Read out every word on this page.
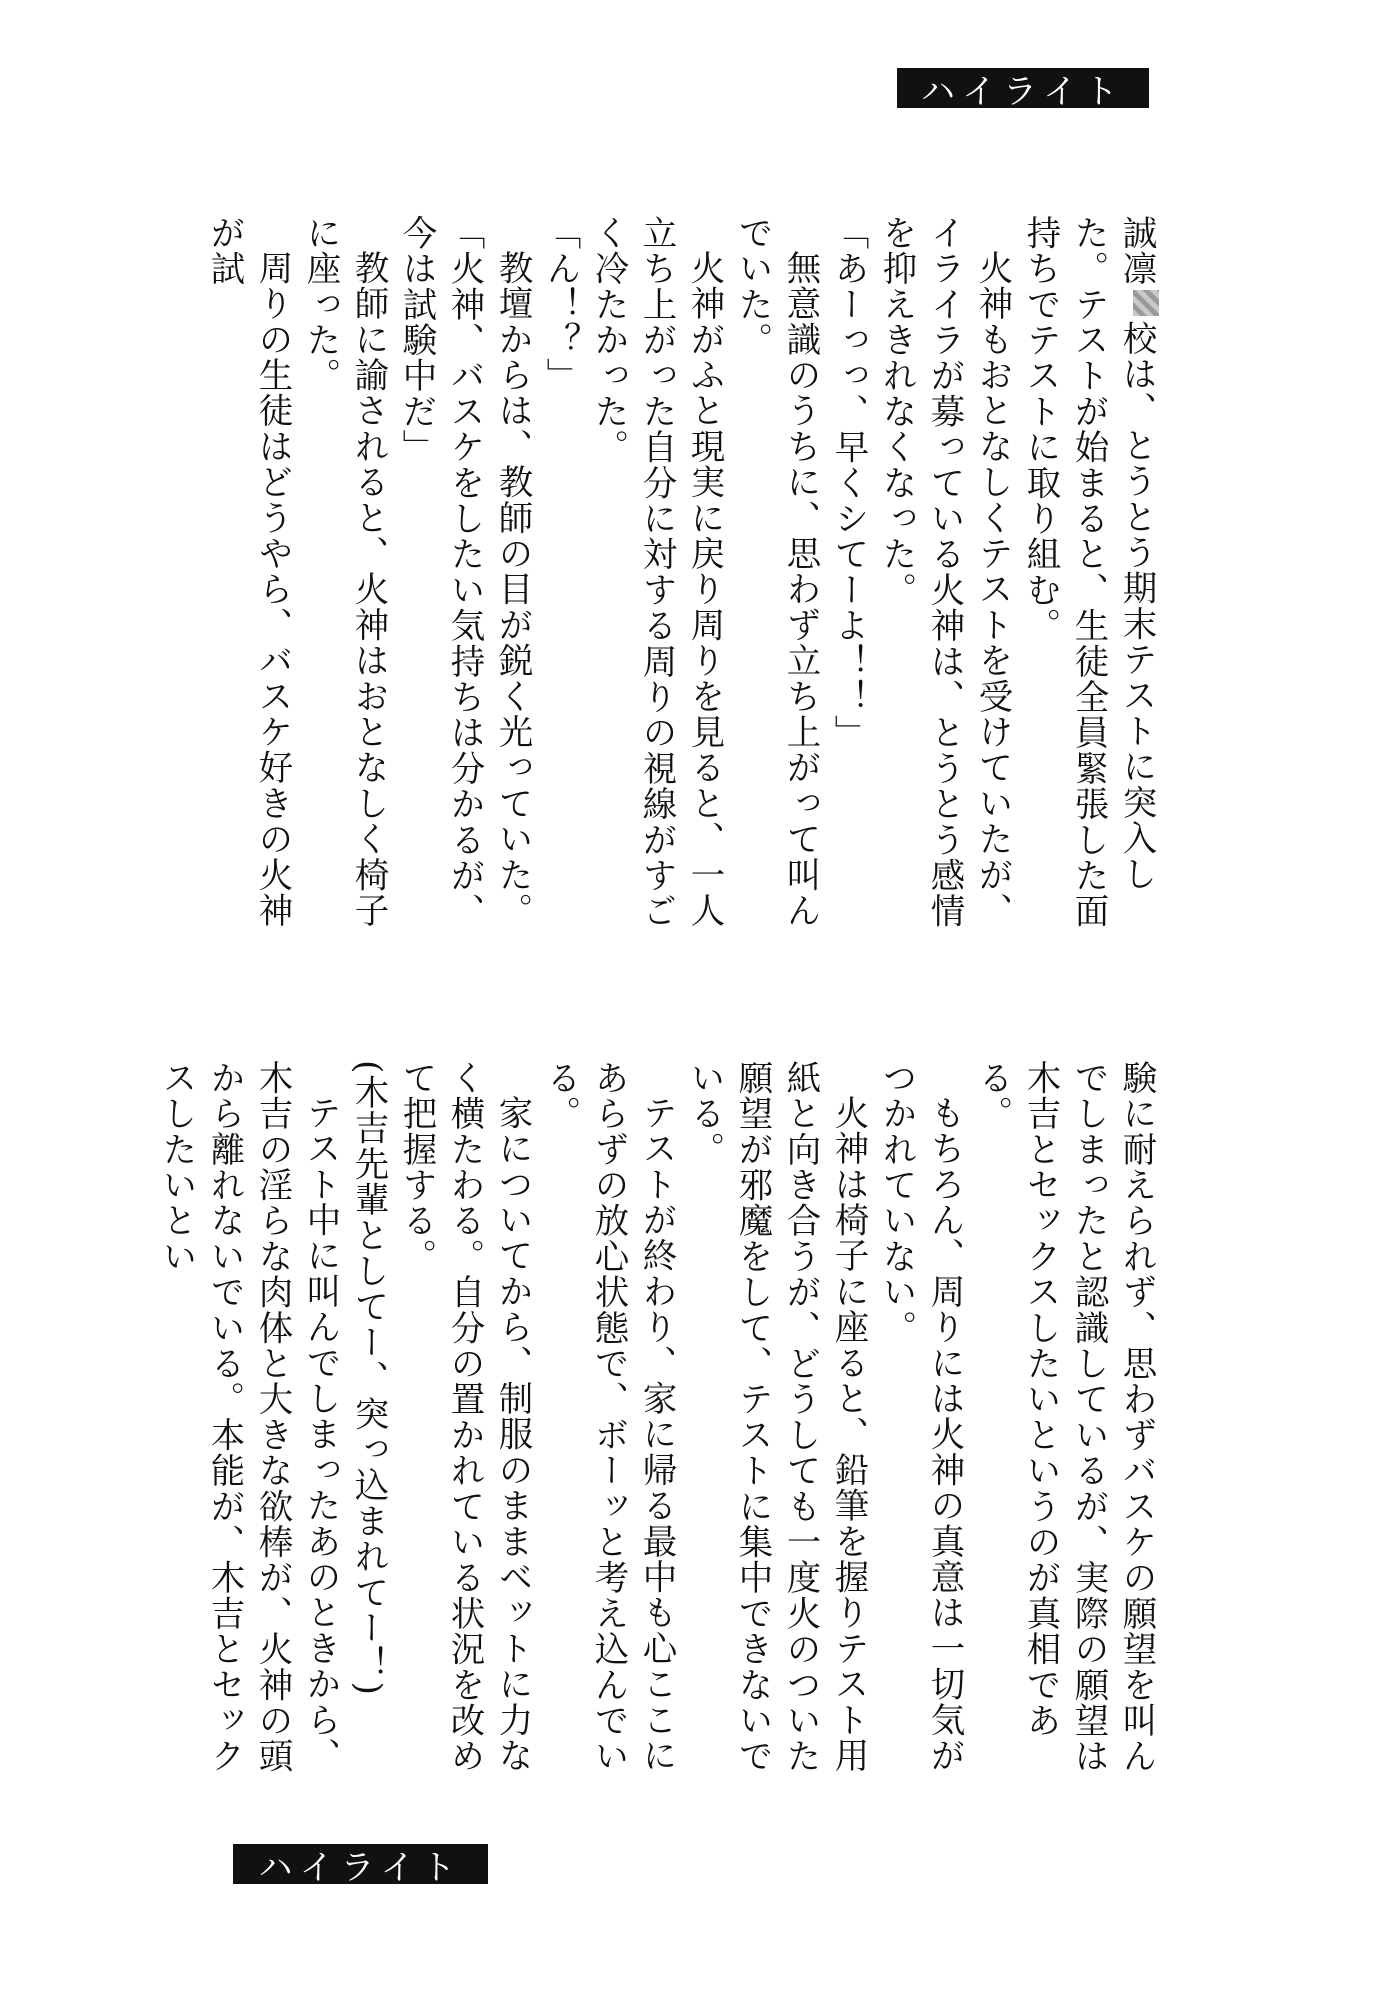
ハイライト
誠凛校は、とうとう期末テストに突入した。テストが始まると、生徒全員緊張した面持ちでテストに取り組む。
火神もおとなしくテストを受けていたが、イライラが募っている火神は、とうとう感情を抑えきれなくなった。
「あーっっ、早くシてーよ！！」
無意識のうちに、思わず立ち上がって叫んでいた。
火神がふと現実に戻り周りを見ると、一人立ち上がった自分に対する周りの視線がすごく冷たかった。
「ん！？」
教壇からは、教師の目が鋭く光っていた。
「火神、バスケをしたい気持ちは分かるが、今は試験中だ」
教師に諭されると、火神はおとなしく椅子に座った。
周りの生徒はどうやら、バスケ好きの火神が試
験に耐えられず、思わずバスケの願望を叫んでしまったと認識しているが、実際の願望は木吉とセックスしたいというのが真相である。
もちろん、周りには火神の真意は一切気がつかれていない。
火神は椅子に座ると、鉛筆を握りテスト用紙と向き合うが、どうしても一度火のついた願望が邪魔をして、テストに集中できないでいる。
テストが終わり、家に帰る最中も心ここにあらずの放心状態で、ボーッと考え込んでいる。
家についてから、制服のままベットに力なく横たわる。自分の置かれている状況を改めて把握する。
(木吉先輩としてー、突っ込まれてー！)
テスト中に叫んでしまったあのときから、木吉の淫らな肉体と大きな欲棒が、火神の頭から離れないでいる。本能が、木吉とセックスしたいとい
ハイライト
